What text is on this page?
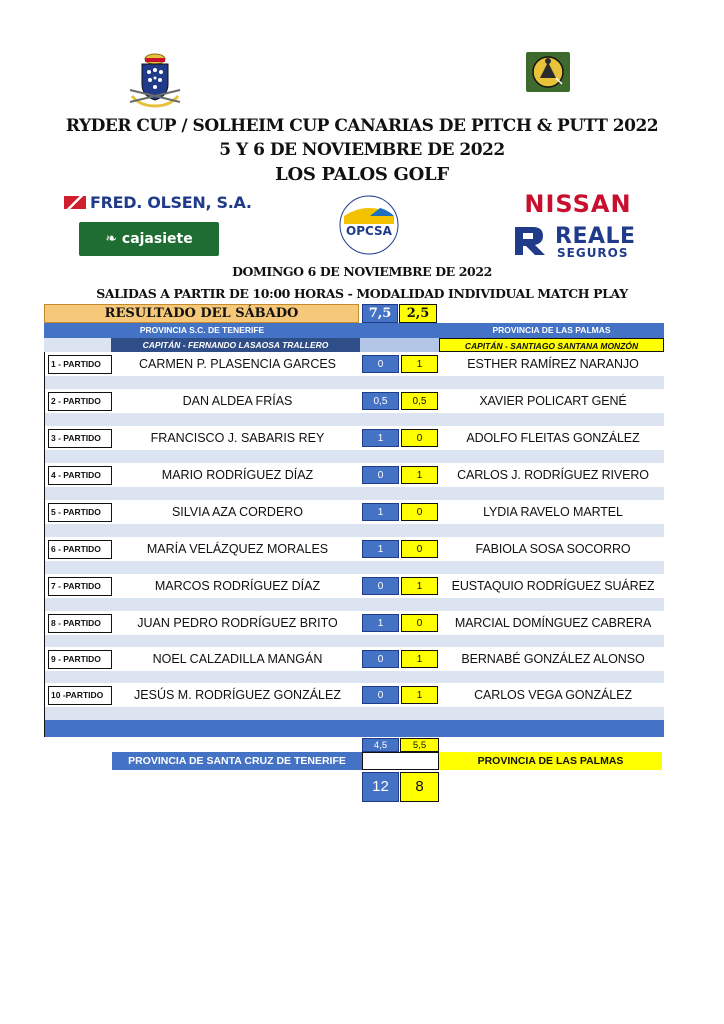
RYDER CUP / SOLHEIM CUP CANARIAS DE PITCH & PUTT 2022
5 Y 6 DE NOVIEMBRE DE 2022
LOS PALOS GOLF
FRED. OLSEN, S.A.
❧ cajasiete	OPCSA
NISSAN
REALE
SEGUROS
DOMINGO 6 DE NOVIEMBRE DE 2022
SALIDAS A PARTIR DE 10:00 HORAS - MODALIDAD INDIVIDUAL MATCH PLAY
RESULTADO DEL SÁBADO	7,5	2,5
PROVINCIA S.C. DE TENERIFE	PROVINCIA DE LAS PALMAS
CAPITÁN - FERNANDO LASAOSA TRALLERO	CAPITÁN - SANTIAGO SANTANA MONZÓN
1 - PARTIDO	CARMEN P. PLASENCIA GARCES	0	1	ESTHER RAMÍREZ NARANJO
2 - PARTIDO	DAN ALDEA FRÍAS	0,5	0,5	XAVIER POLICART GENÉ
3 - PARTIDO	FRANCISCO J. SABARIS REY	1	0	ADOLFO FLEITAS GONZÁLEZ
4 - PARTIDO	MARIO RODRÍGUEZ DÍAZ	0	1	CARLOS J. RODRÍGUEZ RIVERO
5 - PARTIDO	SILVIA AZA CORDERO	1	0	LYDIA RAVELO MARTEL
6 - PARTIDO	MARÍA VELÁZQUEZ MORALES	1	0	FABIOLA SOSA SOCORRO
7 - PARTIDO	MARCOS RODRÍGUEZ DÍAZ	0	1	EUSTAQUIO RODRÍGUEZ SUÁREZ
8 - PARTIDO	JUAN PEDRO RODRÍGUEZ BRITO	1	0	MARCIAL DOMÍNGUEZ CABRERA
9 - PARTIDO	NOEL CALZADILLA MANGÁN	0	1	BERNABÉ GONZÁLEZ ALONSO
10 -PARTIDO	JESÚS M. RODRÍGUEZ GONZÁLEZ	0	1	CARLOS VEGA GONZÁLEZ
4,5	5,5
PROVINCIA DE SANTA CRUZ DE TENERIFE	PROVINCIA DE LAS PALMAS
12	8
